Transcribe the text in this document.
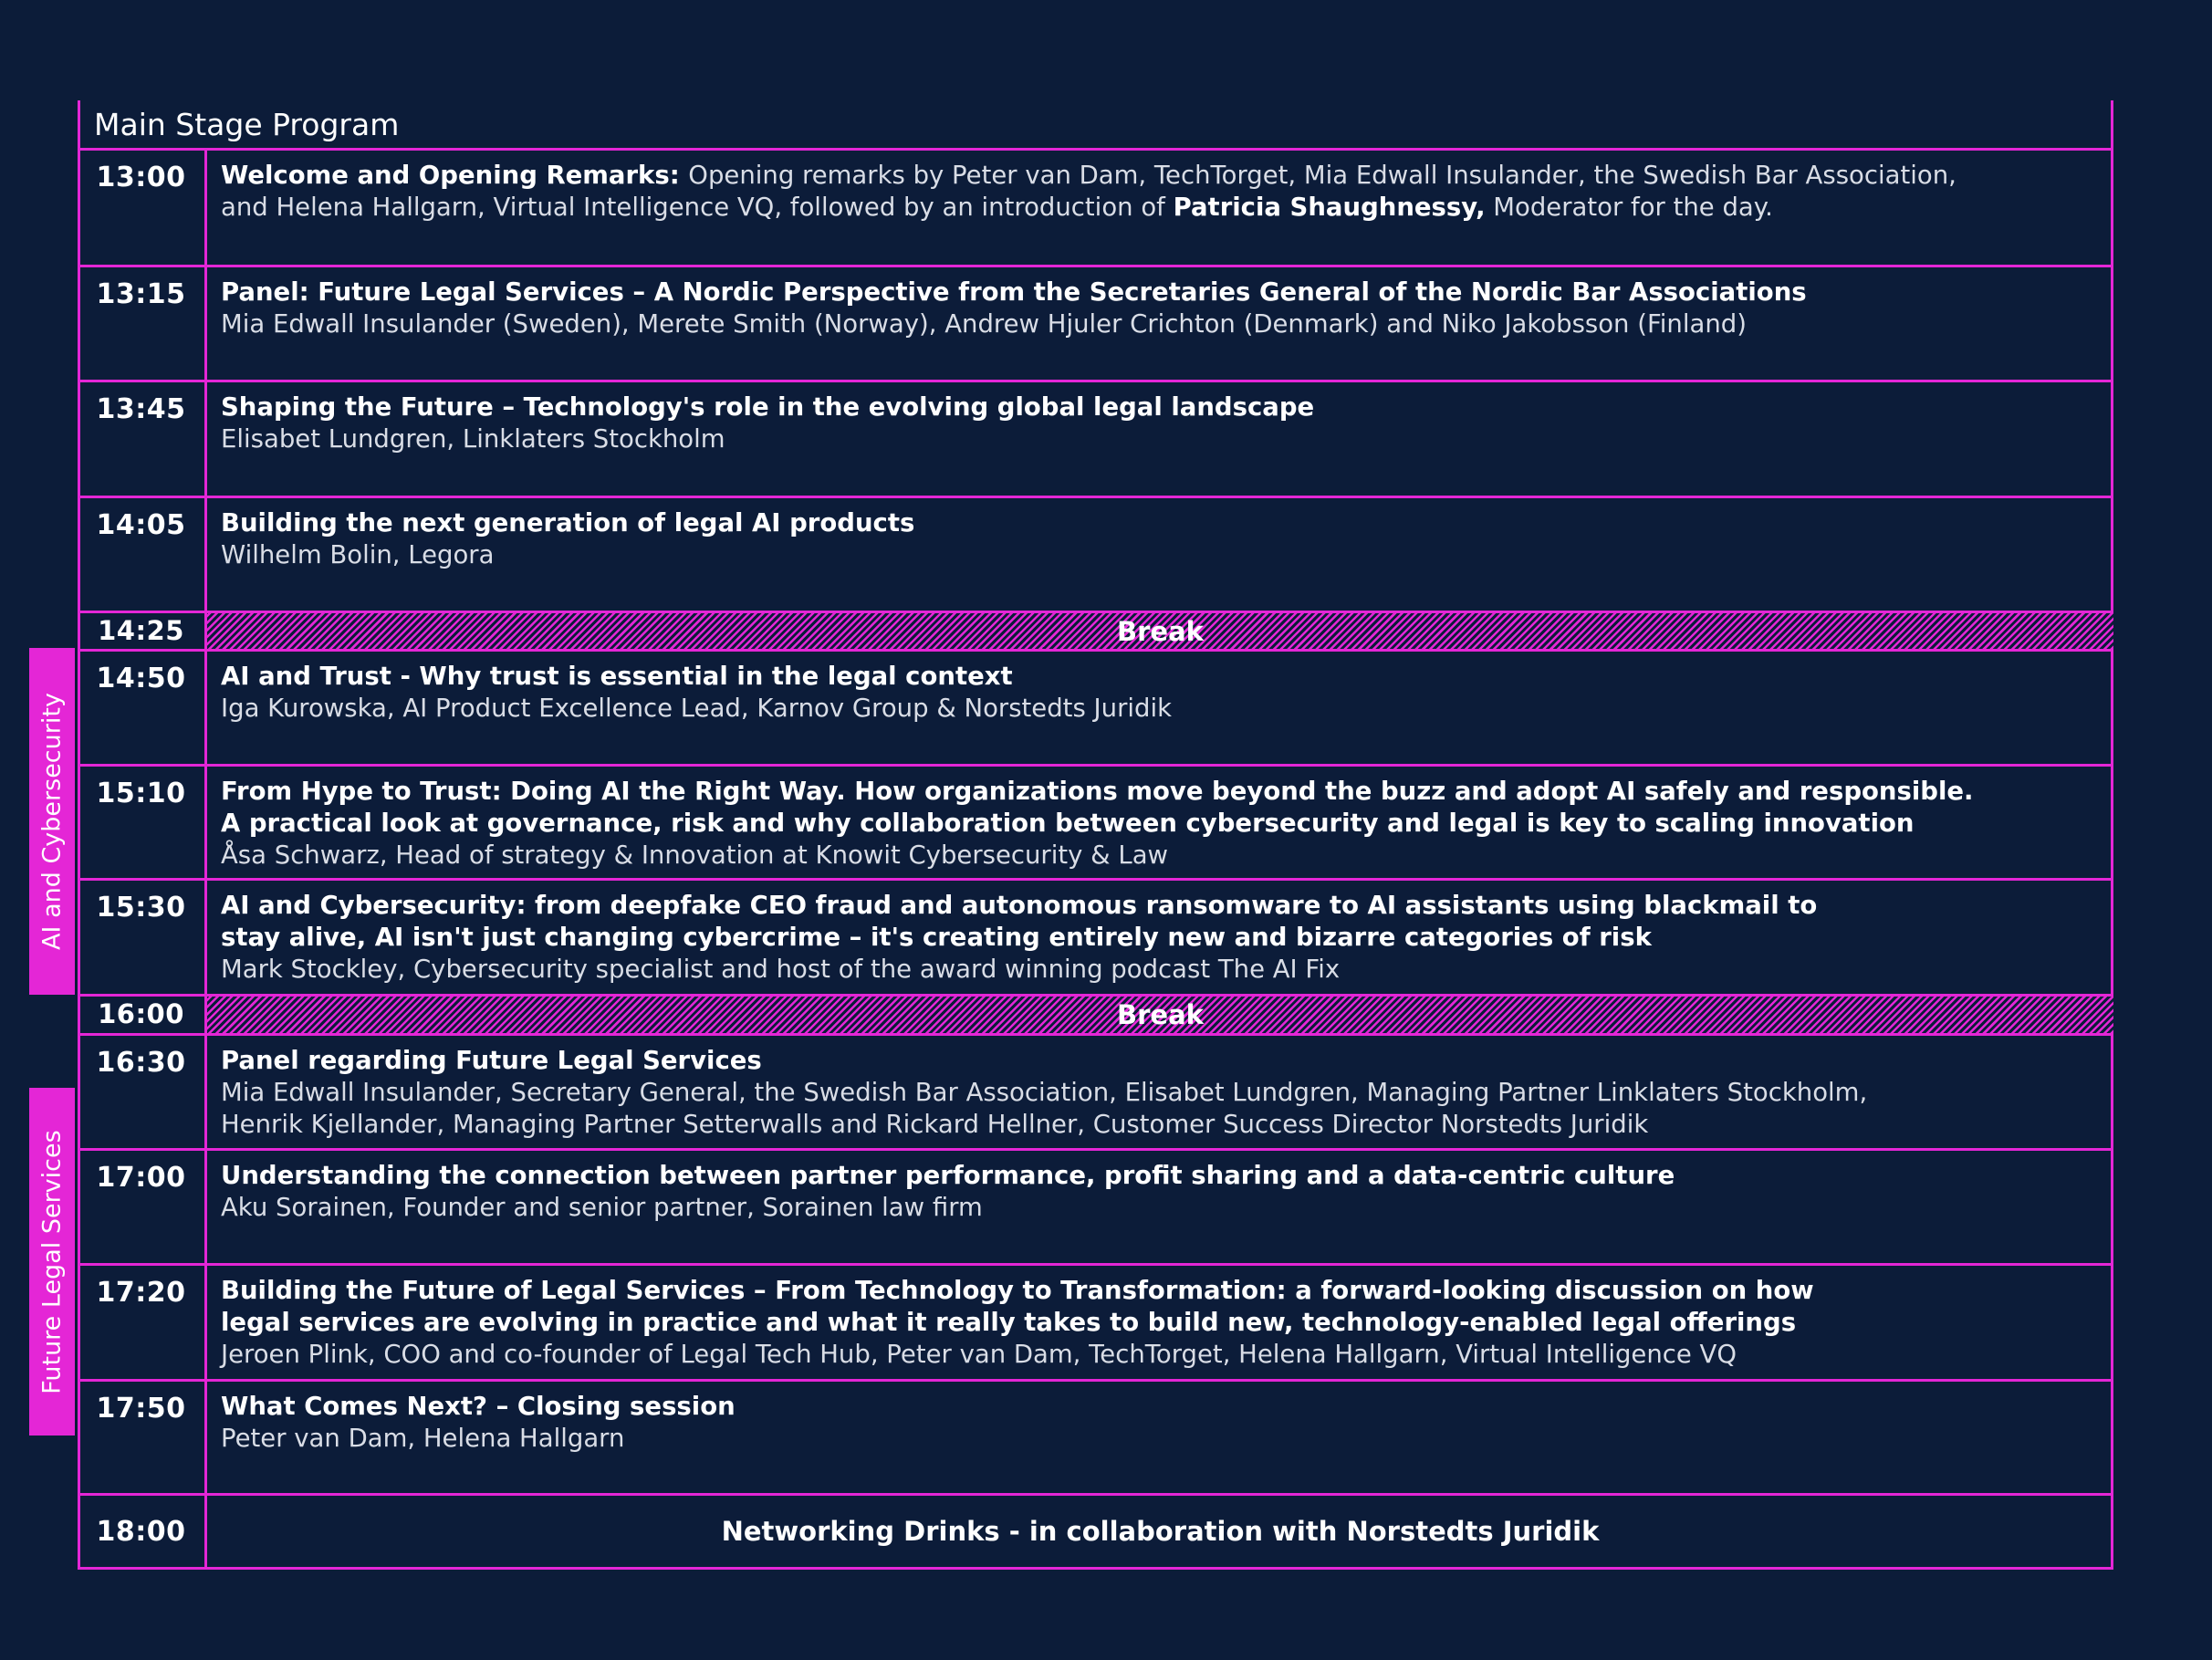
Main Stage Program
13:00	Welcome and Opening Remarks: Opening remarks by Peter van Dam, TechTorget, Mia Edwall Insulander, the Swedish Bar Association,
and Helena Hallgarn, Virtual Intelligence VQ, followed by an introduction of Patricia Shaughnessy, Moderator for the day.
13:15	Panel: Future Legal Services – A Nordic Perspective from the Secretaries General of the Nordic Bar Associations
Mia Edwall Insulander (Sweden), Merete Smith (Norway), Andrew Hjuler Crichton (Denmark) and Niko Jakobsson (Finland)
13:45	Shaping the Future – Technology's role in the evolving global legal landscape
Elisabet Lundgren, Linklaters Stockholm
14:05	Building the next generation of legal AI products
Wilhelm Bolin, Legora
14:25	Break
14:50	AI and Trust - Why trust is essential in the legal context
Iga Kurowska, AI Product Excellence Lead, Karnov Group & Norstedts Juridik
15:10	From Hype to Trust: Doing AI the Right Way. How organizations move beyond the buzz and adopt AI safely and responsible.
A practical look at governance, risk and why collaboration between cybersecurity and legal is key to scaling innovation
Åsa Schwarz, Head of strategy & Innovation at Knowit Cybersecurity & Law
15:30	AI and Cybersecurity: from deepfake CEO fraud and autonomous ransomware to AI assistants using blackmail to
stay alive, AI isn't just changing cybercrime – it's creating entirely new and bizarre categories of risk
Mark Stockley, Cybersecurity specialist and host of the award winning podcast The AI Fix
16:00	Break
16:30	Panel regarding Future Legal Services
Mia Edwall Insulander, Secretary General, the Swedish Bar Association, Elisabet Lundgren, Managing Partner Linklaters Stockholm,
Henrik Kjellander, Managing Partner Setterwalls and Rickard Hellner, Customer Success Director Norstedts Juridik
17:00	Understanding the connection between partner performance, profit sharing and a data-centric culture
Aku Sorainen, Founder and senior partner, Sorainen law firm
17:20	Building the Future of Legal Services – From Technology to Transformation: a forward-looking discussion on how
legal services are evolving in practice and what it really takes to build new, technology-enabled legal offerings
Jeroen Plink, COO and co-founder of Legal Tech Hub, Peter van Dam, TechTorget, Helena Hallgarn, Virtual Intelligence VQ
17:50	What Comes Next? – Closing session
Peter van Dam, Helena Hallgarn
18:00	Networking Drinks - in collaboration with Norstedts Juridik
AI and Cybersecurity
Future Legal Services
